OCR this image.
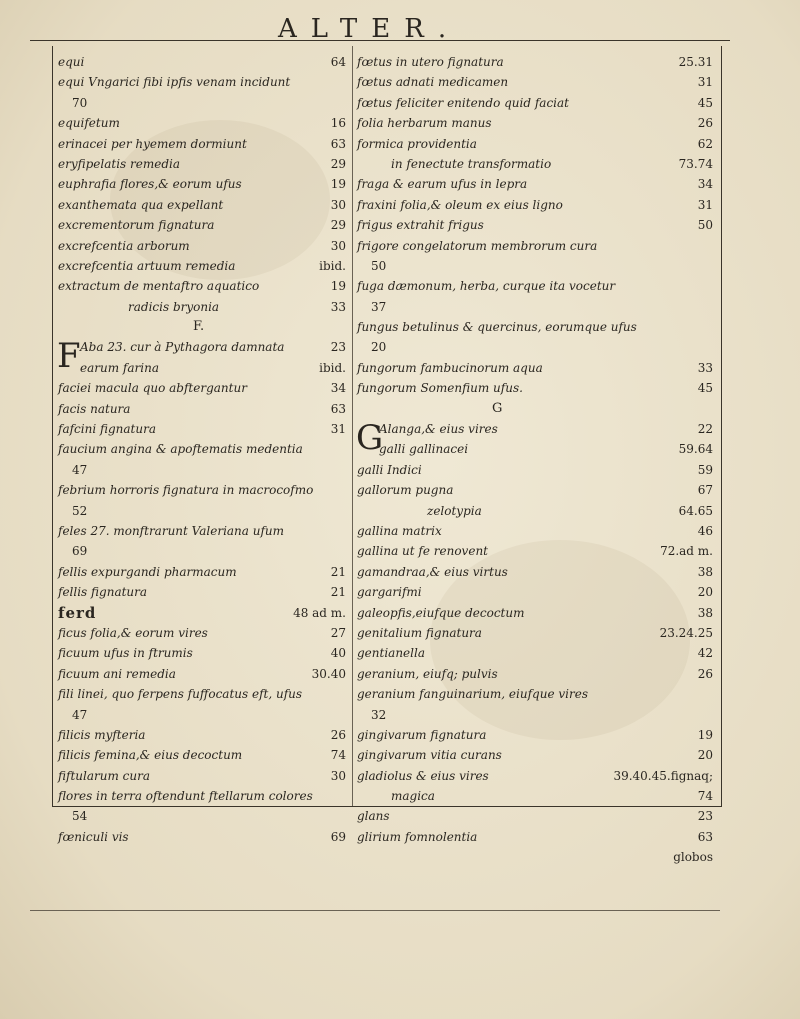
ALTER.
equi	64
equi Vngarici fibi ipfis venam incidunt
70
equifetum	16
erinacei per hyemem dormiunt	63
eryfipelatis remedia	29
euphrafia flores,& eorum ufus	19
exanthemata qua expellant	30
excrementorum fignatura	29
excrefcentia arborum	30
excrefcentia artuum remedia	ibid.
extractum de mentaftro aquatico	19
radicis bryonia	33
F.
F Aba 23. cur à Pythagora damnata	23
earum farina	ibid.
faciei macula quo abftergantur	34
facis natura	63
fafcini fignatura	31
faucium angina & apoftematis medentia
47
febrium horroris fignatura in macrocofmo
52
feles 27. monftrarunt Valeriana ufum
69
fellis expurgandi pharmacum	21
fellis fignatura	21
ferd	48 ad m.
ficus folia,& eorum vires	27
ficuum ufus in ftrumis	40
ficuum ani remedia	30.40
fili linei, quo ferpens fuffocatus eft, ufus
47
filicis myfteria	26
filicis femina,& eius decoctum	74
fiftularum cura	30
flores in terra oftendunt ftellarum colores
54
fœniculi vis	69
fœtus in utero fignatura	25.31
fœtus adnati medicamen	31
fœtus feliciter enitendo quid faciat	45
folia herbarum manus	26
formica providentia	62
in fenectute transformatio	73.74
fraga & earum ufus in lepra	34
fraxini folia,& oleum ex eius ligno	31
frigus extrahit frigus	50
frigore congelatorum membrorum cura
50
fuga dæmonum, herba, curque ita vocetur
37
fungus betulinus & quercinus, eorumque ufus
20
fungorum fambucinorum aqua	33
fungorum Somenfium ufus.	45
G
G
Alanga,& eius vires	22
galli gallinacei	59.64
galli Indici	59
gallorum pugna	67
zelotypia	64.65
gallina matrix	46
gallina ut fe renovent	72.ad m.
gamandraa,& eius virtus	38
gargarifmi	20
galeopfis,eiufque decoctum	38
genitalium fignatura	23.24.25
gentianella	42
geranium, eiufq; pulvis	26
geranium fanguinarium, eiufque vires
32
gingivarum fignatura	19
gingivarum vitia curans	20
gladiolus & eius vires	39.40.45.fignaq;
magica	74
glans	23
glirium fomnolentia	63
globos
